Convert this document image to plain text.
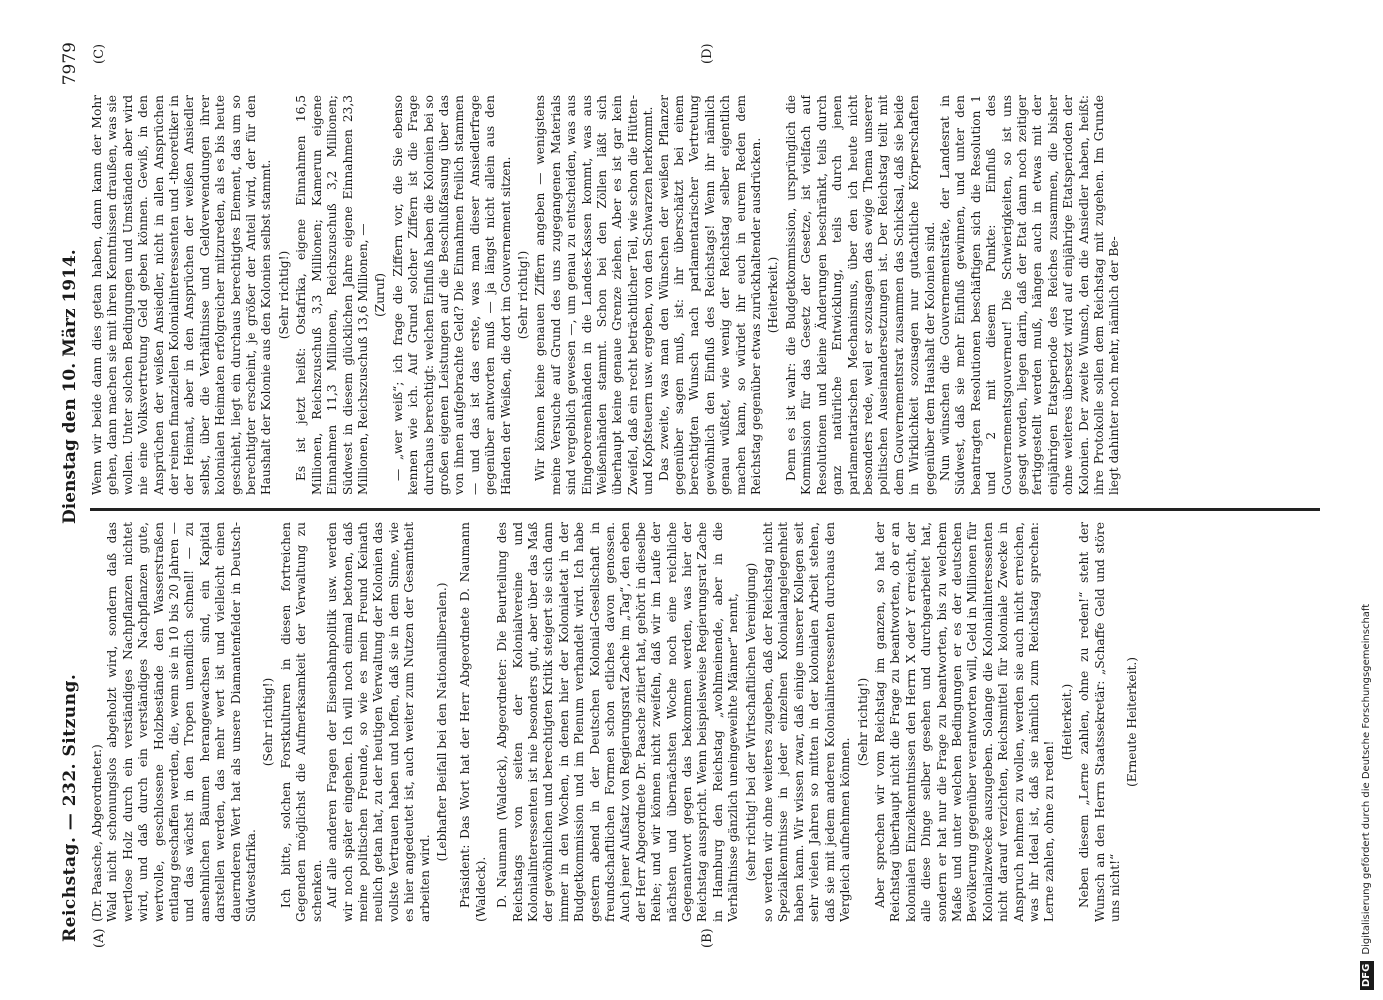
Reichstag. — 232. Sitzung.
Dienstag den 10. März 1914.
7979
(A)	(B)
(C)	(D)

(Dr. Paasche, Abgeordneter.) Wald nicht schonungslos abgeholzt wird, sondern daß das wertlose Holz durch ein verständiges Nachpflanzen nichtet wird, und daß durch ein verständiges Nachpflanzen gute, wertvolle, geschlossene Holzbestände den Wasserstraßen entlang geschaffen werden, die, wenn sie in 10 bis 20 Jahren — und das wächst in den Tropen unendlich schnell! — zu ansehnlichen Bäumen herangewachsen sind, ein Kapital darstellen werden, das mehr wert ist und vielleicht einen dauernderen Wert hat als unsere Diamantenfelder in Deutsch-Südwestafrika.

(Sehr richtig!) Ich bitte, solchen Forstkulturen in diesen fortreichen Gegenden möglichst die Aufmerksamkeit der Verwaltung zu schenken. Auf alle anderen Fragen der Eisenbahnpolitik usw. werden wir noch später eingehen. Ich will noch einmal betonen, daß meine politischen Freunde, so wie es mein Freund Keinath neulich getan hat, zu der heutigen Verwaltung der Kolonien das vollste Vertrauen haben und hoffen, daß sie in dem Sinne, wie es hier angedeutet ist, auch weiter zum Nutzen der Gesamtheit arbeiten wird.

(Lebhafter Beifall bei den Nationalliberalen.) Präsident: Das Wort hat der Herr Abgeordnete D. Naumann (Waldeck). D. Naumann (Waldeck), Abgeordneter: Die Beurteilung des Reichstags von seiten der Kolonialvereine und Kolonialinteressenten ist nie besonders gut, aber über das Maß der gewöhnlichen und berechtigten Kritik steigert sie sich dann immer in den Wochen, in denen hier der Kolonialetat in der Budgetkommission und im Plenum verhandelt wird. Ich habe gestern abend in der Deutschen Kolonial-Gesellschaft in freundschaftlichen Formen schon etliches davon genossen. Auch jener Aufsatz von Regierungsrat Zache im „Tag“, den eben der Herr Abgeordnete Dr. Paasche zitiert hat, gehört in dieselbe Reihe; und wir können nicht zweifeln, daß wir im Laufe der nächsten und übernächsten Woche noch eine reichliche Gegenantwort gegen das bekommen werden, was hier der Reichstag ausspricht. Wenn beispielsweise Regierungsrat Zache in Hamburg den Reichstag „wohlmeinende, aber in die Verhältnisse gänzlich uneingeweihte Männer“ nennt, (sehr richtig! bei der Wirtschaftlichen Vereinigung) so werden wir ohne weiteres zugeben, daß der Reichstag nicht Spezialkenntnisse in jeder einzelnen Kolonialangelegenheit haben kann. Wir wissen zwar, daß einige unserer Kollegen seit sehr vielen Jahren so mitten in der kolonialen Arbeit stehen, daß sie mit jedem anderen Kolonialinteressenten durchaus den Vergleich aufnehmen können.

(Sehr richtig!) Aber sprechen wir vom Reichstag im ganzen, so hat der Reichstag überhaupt nicht die Frage zu beantworten, ob er an kolonialen Einzelkenntnissen den Herrn X oder Y erreicht, der alle diese Dinge selber gesehen und durchgearbeitet hat, sondern er hat nur die Frage zu beantworten, bis zu welchem Maße und unter welchen Bedingungen er es der deutschen Bevölkerung gegenüber verantworten will, Geld in Millionen für Kolonialzwecke auszugeben. Solange die Kolonialinteressenten nicht darauf verzichten, Reichsmittel für koloniale Zwecke in Anspruch nehmen zu wollen, werden sie auch nicht erreichen, was ihr Ideal ist, daß sie nämlich zum Reichstag sprechen: Lerne zahlen, ohne zu reden!

(Heiterkeit.) Neben diesem „Lerne zahlen, ohne zu reden!“ steht der Wunsch an den Herrn Staatssekretär: „Schaffe Geld und störe uns nicht!“

(Erneute Heiterkeit.)

Wenn wir beide dann dies getan haben, dann kann der Mohr gehen, dann machen sie mit ihren Kenntnissen draußen, was sie wollen. Unter solchen Bedingungen und Umständen aber wird nie eine Volksvertretung Geld geben können. Gewiß, in den Ansprüchen der weißen Ansiedler, nicht in allen Ansprüchen der reinen finanziellen Kolonialinteressenten und -theoretiker in der Heimat, aber in den Ansprüchen der weißen Ansiedler selbst, über die Verhältnisse und Geldverwendungen ihrer kolonialen Heimaten erfolgreicher mitzureden, als es bis heute geschieht, liegt ein durchaus berechtigtes Element, das um so berechtigter erscheint, je größer der Anteil wird, der für den Haushalt der Kolonie aus den Kolonien selbst stammt. (Sehr richtig!) Es ist jetzt heißt: Ostafrika, eigene Einnahmen 16,5 Millionen, Reichszuschuß 3,3 Millionen; Kamerun eigene Einnahmen 11,3 Millionen, Reichszuschuß 3,2 Millionen; Südwest in diesem glücklichen Jahre eigene Einnahmen 23,3 Millionen, Reichszuschuß 13,6 Millionen, — (Zuruf) — „wer weiß“; ich frage die Ziffern vor, die Sie ebenso kennen wie ich. Auf Grund solcher Ziffern ist die Frage durchaus berechtigt: welchen Einfluß haben die Kolonien bei so großen eigenen Leistungen auf die Beschlußfassung über das von ihnen aufgebrachte Geld? Die Einnahmen freilich stammen — und das ist das erste, was man dieser Ansiedlerfrage gegenüber antworten muß — ja längst nicht allein aus den Händen der Weißen, die dort im Gouvernement sitzen. (Sehr richtig!) Wir können keine genauen Ziffern angeben — wenigstens meine Versuche auf Grund des uns zugegangenen Materials sind vergeblich gewesen —, um genau zu entscheiden, was aus Eingeborenenhänden in die Landes-Kassen kommt, was aus Weißenhänden stammt. Schon bei den Zöllen läßt sich überhaupt keine genaue Grenze ziehen. Aber es ist gar kein Zweifel, daß ein recht beträchtlicher Teil, wie schon die Hütten- und Kopfsteuern usw. ergeben, von den Schwarzen herkommt. Das zweite, was man den Wünschen der weißen Pflanzer gegenüber sagen muß, ist: ihr überschätzt bei einem berechtigten Wunsch nach parlamentarischer Vertretung gewöhnlich den Einfluß des Reichstags! Wenn ihr nämlich genau wüßtet, wie wenig der Reichstag selber eigentlich machen kann, so würdet ihr euch in eurem Reden dem Reichstag gegenüber etwas zurückhaltender ausdrücken. (Heiterkeit.) Denn es ist wahr: die Budgetkommission, ursprünglich die Kommission für das Gesetz der Gesetze, ist vielfach auf Resolutionen und kleine Änderungen beschränkt, teils durch ganz natürliche Entwicklung, teils durch jenen parlamentarischen Mechanismus, über den ich heute nicht besonders rede, weil er sozusagen das ewige Thema unserer politischen Auseinandersetzungen ist. Der Reichstag teilt mit dem Gouvernementsrat zusammen das Schicksal, daß sie beide in Wirklichkeit sozusagen nur gutachtliche Körperschaften gegenüber dem Haushalt der Kolonien sind. Nun wünschen die Gouvernementsräte, der Landesrat in Südwest, daß sie mehr Einfluß gewinnen, und unter den beantragten Resolutionen beschäftigen sich die Resolution 1 und 2 mit diesem Punkte: Einfluß des Gouvernementsgouverneur! Die Schwierigkeiten, so ist uns gesagt worden, liegen darin, daß der Etat dann noch zeitiger fertiggestellt werden muß, hängen auch in etwas mit der einjährigen Etatsperiode des Reiches zusammen, die bisher ohne weiteres übersetzt wird auf einjährige Etatsperioden der Kolonien. Der zweite Wunsch, den die Ansiedler haben, heißt: ihre Protokolle sollen dem Reichstag mit zugehen. Im Grunde liegt dahinter noch mehr, nämlich der Be-

DFGDigitalisierung gefördert durch die Deutsche Forschungsgemeinschaft
